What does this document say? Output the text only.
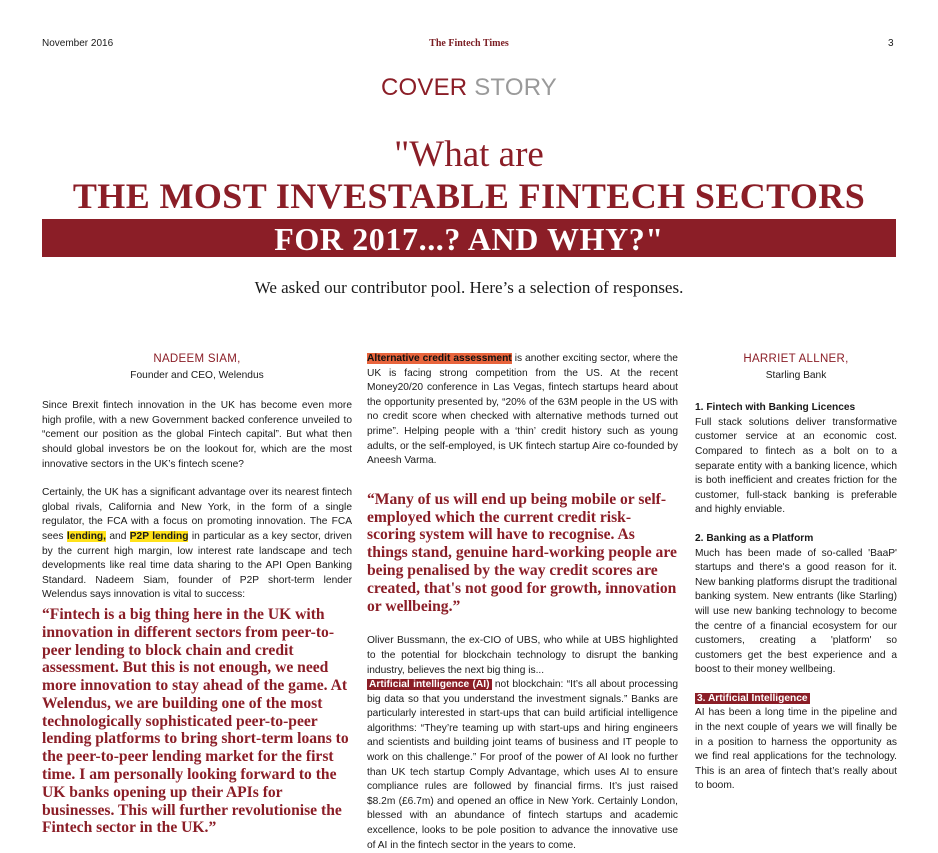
November 2016	The Fintech Times	3
COVER STORY
"What are
THE MOST INVESTABLE FINTECH SECTORS
FOR 2017...? AND WHY?"
We asked our contributor pool. Here’s a selection of responses.
NADEEM SIAM,
Founder and CEO, Welendus

Since Brexit fintech innovation in the UK has become even more high profile, with a new Government backed conference unveiled to “cement our position as the global Fintech capital”. But what then should global investors be on the lookout for, which are the most innovative sectors in the UK’s fintech scene?

Certainly, the UK has a significant advantage over its nearest fintech global rivals, California and New York, in the form of a single regulator, the FCA with a focus on promoting innovation. The FCA sees lending, and P2P lending in particular as a key sector, driven by the current high margin, low interest rate landscape and tech developments like real time data sharing to the API Open Banking Standard. Nadeem Siam, founder of P2P short-term lender Welendus says innovation is vital to success:

“Fintech is a big thing here in the UK with innovation in different sectors from peer-to-peer lending to block chain and credit assessment. But this is not enough, we need more innovation to stay ahead of the game. At Welendus, we are building one of the most technologically sophisticated peer-to-peer lending platforms to bring short-term loans to the peer-to-peer lending market for the first time. I am personally looking forward to the UK banks opening up their APIs for businesses. This will further revolutionise the Fintech sector in the UK.”

Alternative credit assessment is another exciting sector, where the UK is facing strong competition from the US. At the recent Money20/20 conference in Las Vegas, fintech startups heard about the opportunity presented by, “20% of the 63M people in the US with no credit score when checked with alternative methods turned out prime”. Helping people with a ‘thin’ credit history such as young adults, or the self-employed, is UK fintech startup Aire co-founded by Aneesh Varma.

“Many of us will end up being mobile or self-employed which the current credit risk-scoring system will have to recognise. As things stand, genuine hard-working people are being penalised by the way credit scores are created, that's not good for growth, innovation or wellbeing.”

Oliver Bussmann, the ex-CIO of UBS, who while at UBS highlighted to the potential for blockchain technology to disrupt the banking industry, believes the next big thing is...

Artificial intelligence (AI) not blockchain: “It’s all about processing big data so that you understand the investment signals.” Banks are particularly interested in start-ups that can build artificial intelligence algorithms: “They’re teaming up with start-ups and hiring engineers and scientists and building joint teams of business and IT people to work on this challenge.” For proof of the power of AI look no further than UK tech startup Comply Advantage, which uses AI to ensure compliance rules are followed by financial firms. It’s just raised $8.2m (£6.7m) and opened an office in New York. Certainly London, blessed with an abundance of fintech startups and academic excellence, looks to be pole position to advance the innovative use of AI in the fintech sector in the years to come.

HARRIET ALLNER,
Starling Bank
1. Fintech with Banking Licences

Full stack solutions deliver transformative customer service at an economic cost. Compared to fintech as a bolt on to a separate entity with a banking licence, which is both inefficient and creates friction for the customer, full-stack banking is preferable and highly enviable.

2. Banking as a Platform

Much has been made of so-called 'BaaP' startups and there's a good reason for it. New banking platforms disrupt the traditional banking system. New entrants (like Starling) will use new banking technology to become the centre of a financial ecosystem for our customers, creating a 'platform' so customers get the best experience and a boost to their money wellbeing.

3. Artificial Intelligence

AI has been a long time in the pipeline and in the next couple of years we will finally be in a position to harness the opportunity as we find real applications for the technology. This is an area of fintech that’s really about to boom.
